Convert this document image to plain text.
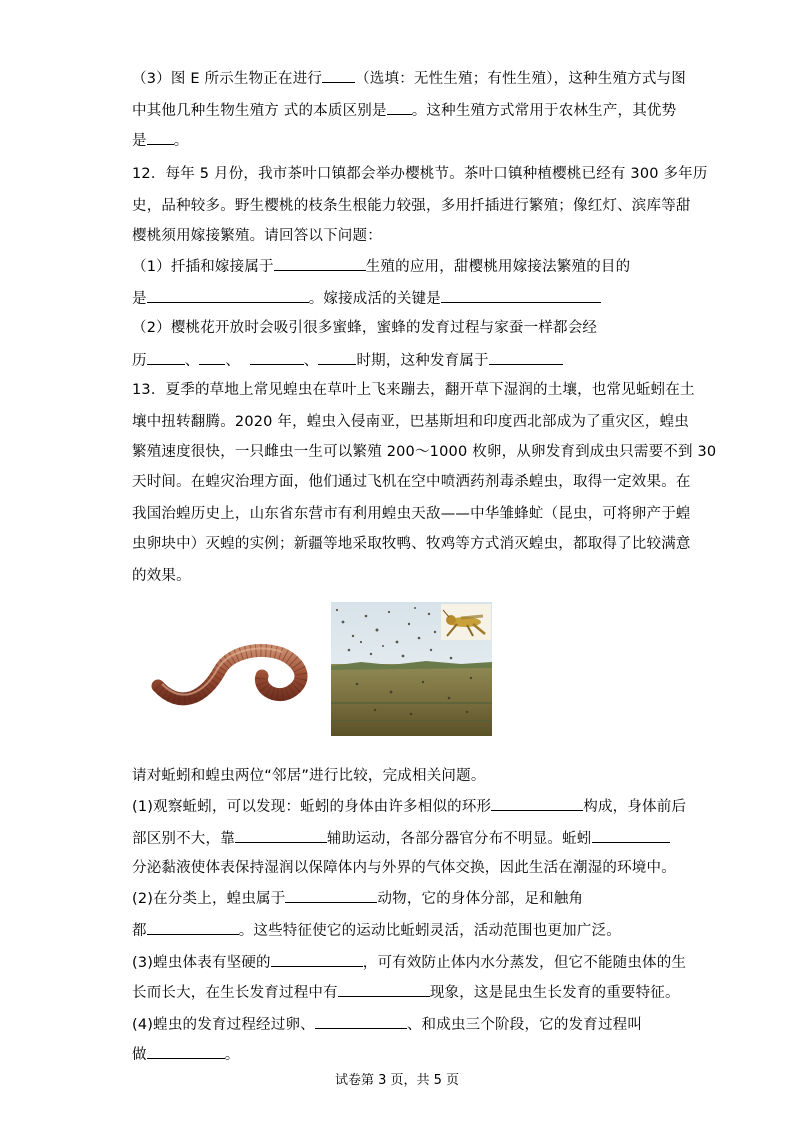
（3）图 E 所示生物正在进行 （选填：无性生殖；有性生殖），这种生殖方式与图
中其他几种生物生殖方 式的本质区别是 。这种生殖方式常用于农林生产，其优势
是 。
12．每年 5 月份，我市茶叶口镇都会举办樱桃节。茶叶口镇种植樱桃已经有 300 多年历
史，品种较多。野生樱桃的枝条生根能力较强，多用扦插进行繁殖；像红灯、滨库等甜
樱桃须用嫁接繁殖。请回答以下问题：
（1）扦插和嫁接属于	生殖的应用，甜樱桃用嫁接法繁殖的目的
是	。嫁接成活的关键是
（2）樱桃花开放时会吸引很多蜜蜂，蜜蜂的发育过程与家蚕一样都会经
历	、 、	、	时期，这种发育属于
13．夏季的草地上常见蝗虫在草叶上飞来蹦去，翻开草下湿润的土壤，也常见蚯蚓在土
壤中扭转翻腾。2020 年，蝗虫入侵南亚，巴基斯坦和印度西北部成为了重灾区，蝗虫
繁殖速度很快，一只雌虫一生可以繁殖 200～1000 枚卵，从卵发育到成虫只需要不到 30
天时间。在蝗灾治理方面，他们通过飞机在空中喷洒药剂毒杀蝗虫，取得一定效果。在
我国治蝗历史上，山东省东营市有利用蝗虫天敌——中华雏蜂虻（昆虫，可将卵产于蝗
虫卵块中）灭蝗的实例；新疆等地采取牧鸭、牧鸡等方式消灭蝗虫，都取得了比较满意
的效果。
请对蚯蚓和蝗虫两位“邻居”进行比较，完成相关问题。
(1)观察蚯蚓，可以发现：蚯蚓的身体由许多相似的环形	构成，身体前后
部区别不大，靠	辅助运动，各部分器官分布不明显。蚯蚓
分泌黏液使体表保持湿润以保障体内与外界的气体交换，因此生活在潮湿的环境中。
(2)在分类上，蝗虫属于	动物，它的身体分部，足和触角
都	。这些特征使它的运动比蚯蚓灵活，活动范围也更加广泛。
(3)蝗虫体表有坚硬的	，可有效防止体内水分蒸发，但它不能随虫体的生
长而长大，在生长发育过程中有	现象，这是昆虫生长发育的重要特征。
(4)蝗虫的发育过程经过卵、	、和成虫三个阶段，它的发育过程叫
做	。
试卷第 3 页，共 5 页
